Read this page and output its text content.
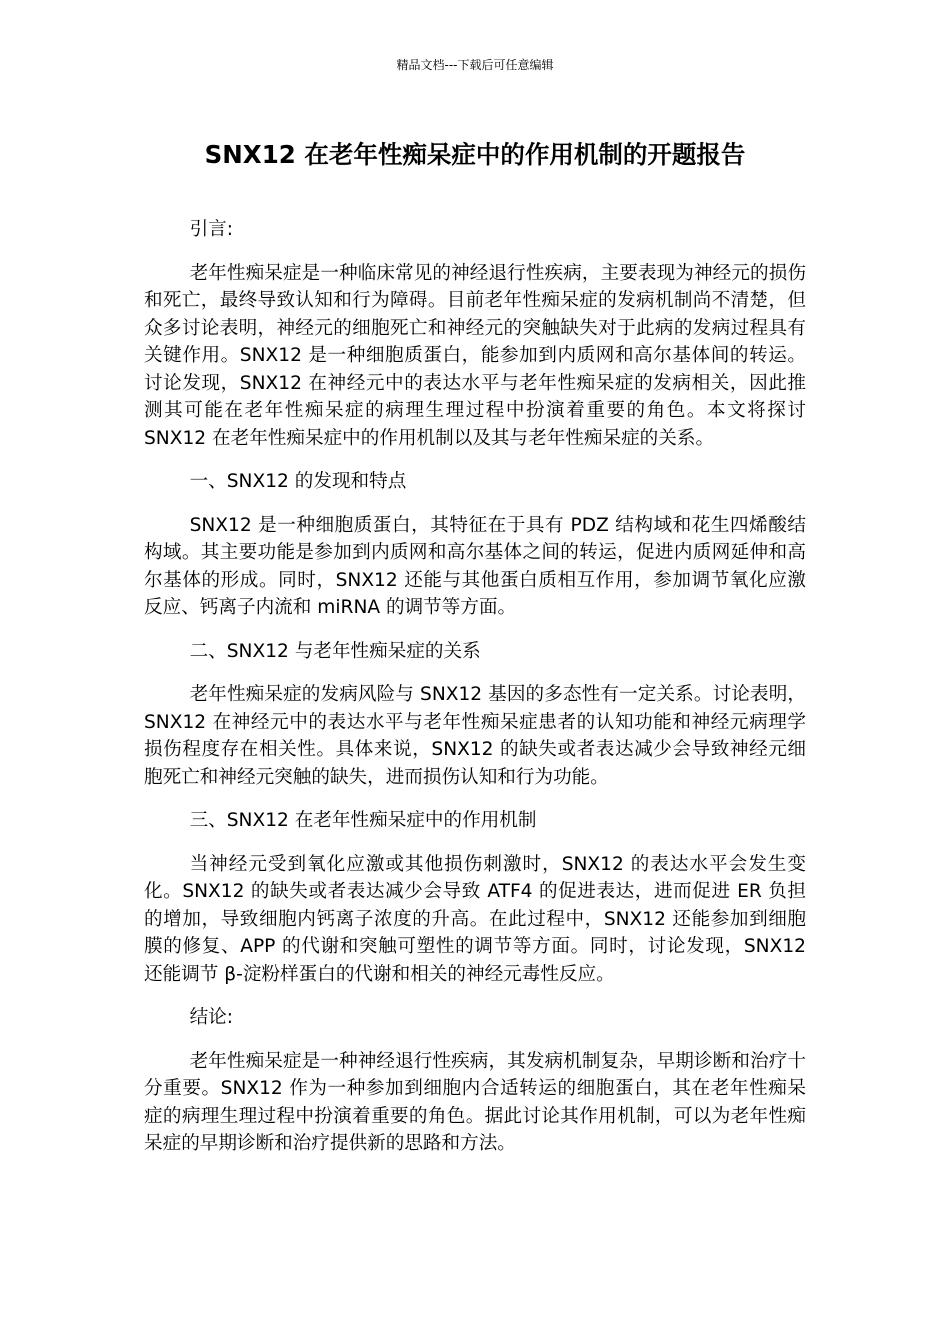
精品文档---下载后可任意编辑
SNX12 在老年性痴呆症中的作用机制的开题报告

引言:

老年性痴呆症是一种临床常见的神经退行性疾病，主要表现为神经元的损伤和死亡，最终导致认知和行为障碍。目前老年性痴呆症的发病机制尚不清楚，但众多讨论表明，神经元的细胞死亡和神经元的突触缺失对于此病的发病过程具有关键作用。SNX12 是一种细胞质蛋白，能参加到内质网和高尔基体间的转运。讨论发现，SNX12 在神经元中的表达水平与老年性痴呆症的发病相关，因此推测其可能在老年性痴呆症的病理生理过程中扮演着重要的角色。本文将探讨 SNX12 在老年性痴呆症中的作用机制以及其与老年性痴呆症的关系。

一、SNX12 的发现和特点

SNX12 是一种细胞质蛋白，其特征在于具有 PDZ 结构域和花生四烯酸结构域。其主要功能是参加到内质网和高尔基体之间的转运，促进内质网延伸和高尔基体的形成。同时，SNX12 还能与其他蛋白质相互作用，参加调节氧化应激反应、钙离子内流和 miRNA 的调节等方面。

二、SNX12 与老年性痴呆症的关系

老年性痴呆症的发病风险与 SNX12 基因的多态性有一定关系。讨论表明，SNX12 在神经元中的表达水平与老年性痴呆症患者的认知功能和神经元病理学损伤程度存在相关性。具体来说，SNX12 的缺失或者表达减少会导致神经元细胞死亡和神经元突触的缺失，进而损伤认知和行为功能。

三、SNX12 在老年性痴呆症中的作用机制

当神经元受到氧化应激或其他损伤刺激时，SNX12 的表达水平会发生变化。SNX12 的缺失或者表达减少会导致 ATF4 的促进表达，进而促进 ER 负担的增加，导致细胞内钙离子浓度的升高。在此过程中，SNX12 还能参加到细胞膜的修复、APP 的代谢和突触可塑性的调节等方面。同时，讨论发现，SNX12 还能调节 β-淀粉样蛋白的代谢和相关的神经元毒性反应。

结论:

老年性痴呆症是一种神经退行性疾病，其发病机制复杂，早期诊断和治疗十分重要。SNX12 作为一种参加到细胞内合适转运的细胞蛋白，其在老年性痴呆症的病理生理过程中扮演着重要的角色。据此讨论其作用机制，可以为老年性痴呆症的早期诊断和治疗提供新的思路和方法。
